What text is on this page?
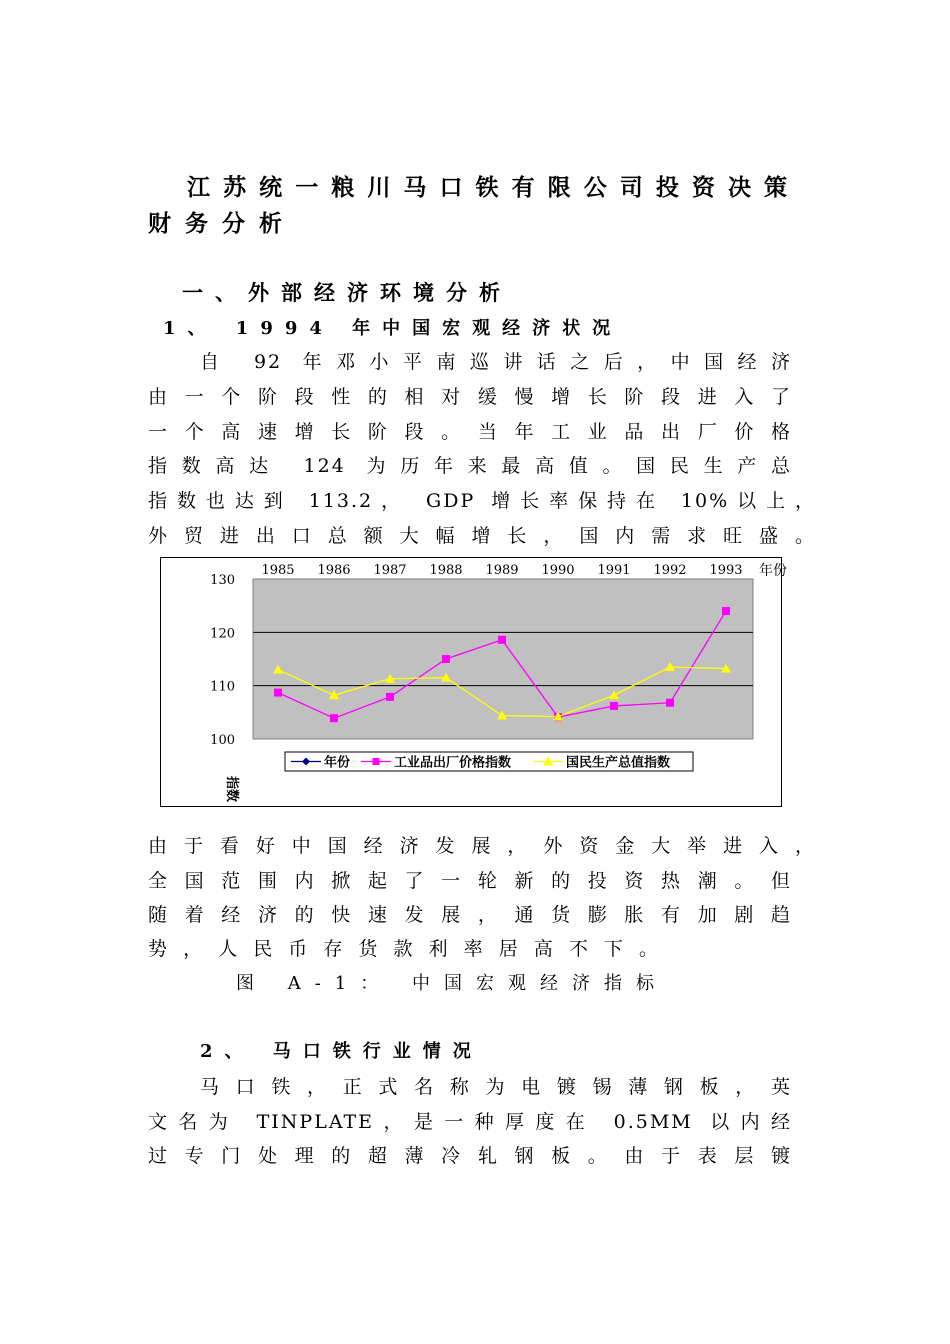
江苏统一粮川马口铁有限公司投资决策
财务分析
一、外部经济环境分析
1、 1994 年中国宏观经济状况
自 92 年邓小平南巡讲话之后，中国经济
由一个阶段性的相对缓慢增长阶段进入了
一个高速增长阶段。当年工业品出厂价格
指数高达 124 为历年来最高值。国民生产总
指数也达到 113.2， GDP 增长率保持在 10%以上，
外贸进出口总额大幅增长，国内需求旺盛。
100
110
120
130
1985 1986 1987 1988 1989 1990 1991 1992 1993 年份
指数
年份	工业品出厂价格指数	国民生产总值指数
由于看好中国经济发展，外资金大举进入，
全国范围内掀起了一轮新的投资热潮。但
随着经济的快速发展，通货膨胀有加剧趋
势，人民币存货款利率居高不下。
图 A-1： 中国宏观经济指标
2、 马口铁行业情况
马口铁，正式名称为电镀锡薄钢板，英
文名为 TINPLATE，是一种厚度在 0.5MM 以内经
过专门处理的超薄冷轧钢板。由于表层镀
